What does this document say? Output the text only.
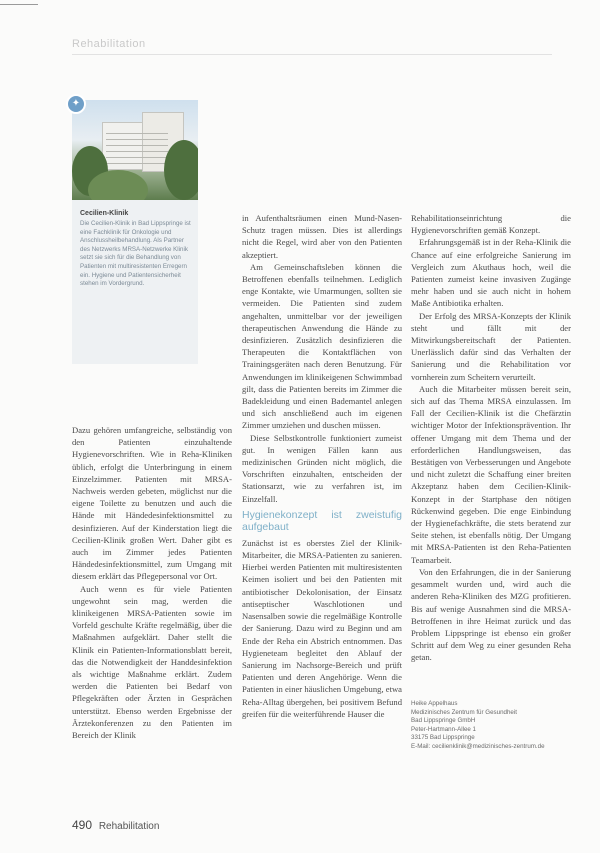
Rehabilitation
✦
Cecilien-Klinik
Die Cecilien-Klinik in Bad Lippspringe ist eine Fachklinik für Onkologie und Anschlussheilbehandlung. Als Partner des Netzwerks MRSA-Netzwerke Klinik setzt sie sich für die Behandlung von Patienten mit multiresistenten Erregern ein. Hygiene und Patientensicherheit stehen im Vordergrund.

Dazu gehören umfangreiche, selbständig von den Patienten einzuhaltende Hygienevorschriften. Wie in Reha-Kliniken üblich, erfolgt die Unterbringung in einem Einzelzimmer. Patienten mit MRSA-Nachweis werden gebeten, möglichst nur die eigene Toilette zu benutzen und auch die Hände mit Händedesinfektionsmittel zu desinfizieren. Auf der Kinderstation liegt die Cecilien-Klinik großen Wert. Daher gibt es auch im Zimmer jedes Patienten Händedesinfektionsmittel, zum Umgang mit diesem erklärt das Pflegepersonal vor Ort.

Auch wenn es für viele Patienten ungewohnt sein mag, werden die klinikeigenen MRSA-Patienten sowie im Vorfeld geschulte Kräfte regelmäßig, über die Maßnahmen aufgeklärt. Daher stellt die Klinik ein Patienten-Informationsblatt bereit, das die Notwendigkeit der Handdesinfektion als wichtige Maßnahme erklärt. Zudem werden die Patienten bei Bedarf von Pflegekräften oder Ärzten in Gesprächen unterstützt. Ebenso werden Ergebnisse der Ärztekonferenzen zu den Patienten im Bereich der Klinik

in Aufenthaltsräumen einen Mund-Nasen-Schutz tragen müssen. Dies ist allerdings nicht die Regel, wird aber von den Patienten akzeptiert.

Am Gemeinschaftsleben können die Betroffenen ebenfalls teilnehmen. Lediglich enge Kontakte, wie Umarmungen, sollten sie vermeiden. Die Patienten sind zudem angehalten, unmittelbar vor der jeweiligen therapeutischen Anwendung die Hände zu desinfizieren. Zusätzlich desinfizieren die Therapeuten die Kontaktflächen von Trainingsgeräten nach deren Benutzung. Für Anwendungen im klinikeigenen Schwimmbad gilt, dass die Patienten bereits im Zimmer die Badekleidung und einen Bademantel anlegen und sich anschließend auch im eigenen Zimmer umziehen und duschen müssen.

Diese Selbstkontrolle funktioniert zumeist gut. In wenigen Fällen kann aus medizinischen Gründen nicht möglich, die Vorschriften einzuhalten, entscheiden der Stationsarzt, wie zu verfahren ist, im Einzelfall.

Hygienekonzept ist zweistufig aufgebaut

Zunächst ist es oberstes Ziel der Klinik-Mitarbeiter, die MRSA-Patienten zu sanieren. Hierbei werden Patienten mit multiresistenten Keimen isoliert und bei den Patienten mit antibiotischer Dekolonisation, der Einsatz antiseptischer Waschlotionen und Nasensalben sowie die regelmäßige Kontrolle der Sanierung. Dazu wird zu Beginn und am Ende der Reha ein Abstrich entnommen. Das Hygieneteam begleitet den Ablauf der Sanierung im Nachsorge-Bereich und prüft Patienten und deren Angehörige. Wenn die Patienten in einer häuslichen Umgebung, etwa Reha-Alltag übergehen, bei positivem Befund greifen für die weiterführende Hauser die

Rehabilitationseinrichtung die Hygienevorschriften gemäß Konzept.

Erfahrungsgemäß ist in der Reha-Klinik die Chance auf eine erfolgreiche Sanierung im Vergleich zum Akuthaus hoch, weil die Patienten zumeist keine invasiven Zugänge mehr haben und sie auch nicht in hohem Maße Antibiotika erhalten.

Der Erfolg des MRSA-Konzepts der Klinik steht und fällt mit der Mitwirkungsbereitschaft der Patienten. Unerlässlich dafür sind das Verhalten der Sanierung und die Rehabilitation vor vornherein zum Scheitern verurteilt.

Auch die Mitarbeiter müssen bereit sein, sich auf das Thema MRSA einzulassen. Im Fall der Cecilien-Klinik ist die Chefärztin wichtiger Motor der Infektionsprävention. Ihr offener Umgang mit dem Thema und der erforderlichen Handlungsweisen, das Bestätigen von Verbesserungen und Angebote und nicht zuletzt die Schaffung einer breiten Akzeptanz haben dem Cecilien-Klinik-Konzept in der Startphase den nötigen Rückenwind gegeben. Die enge Einbindung der Hygienefachkräfte, die stets beratend zur Seite stehen, ist ebenfalls nötig. Der Umgang mit MRSA-Patienten ist den Reha-Patienten Teamarbeit.

Von den Erfahrungen, die in der Sanierung gesammelt wurden und, wird auch die anderen Reha-Kliniken des MZG profitieren. Bis auf wenige Ausnahmen sind die MRSA-Betroffenen in ihre Heimat zurück und das Problem Lippspringe ist ebenso ein großer Schritt auf dem Weg zu einer gesunden Reha getan.

Heike Appelhaus
Medizinisches Zentrum für Gesundheit
Bad Lippspringe GmbH
Peter-Hartmann-Allee 1
33175 Bad Lippspringe
E-Mail: cecilienklinik@medizinisches-zentrum.de
490 Rehabilitation
